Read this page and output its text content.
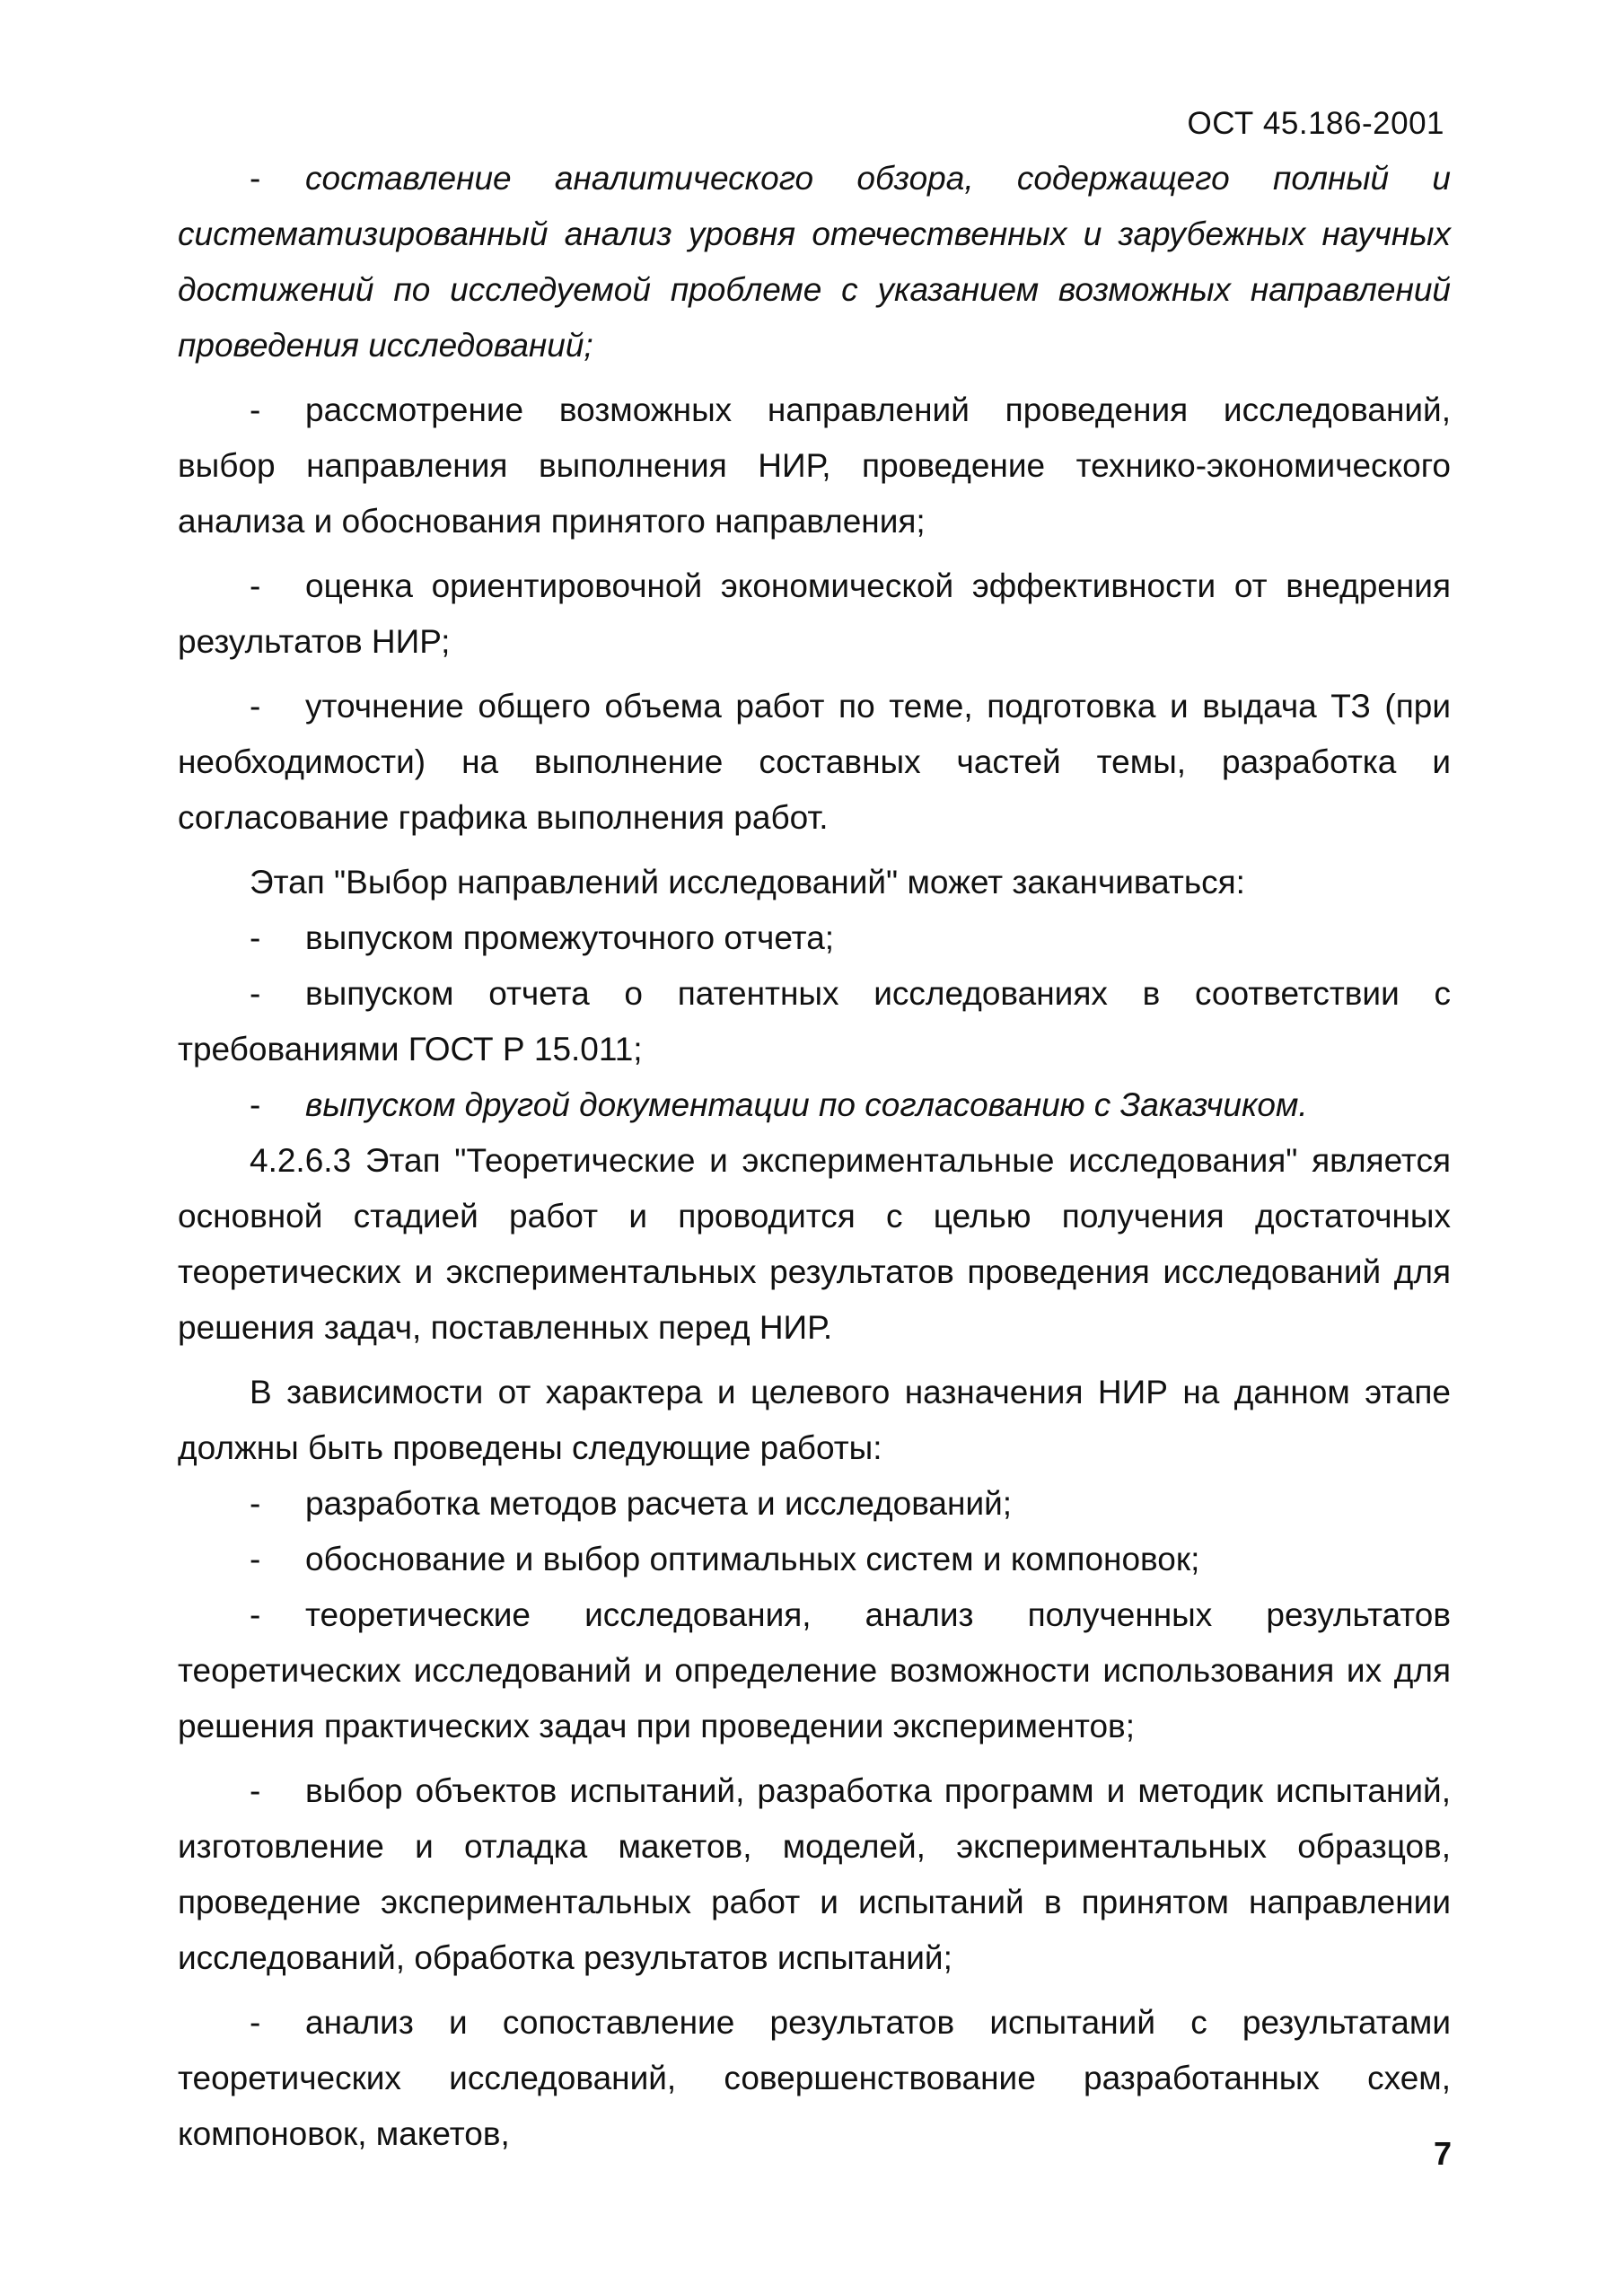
ОСТ 45.186-2001

- составление аналитического обзора, содержащего полный и систематизированный анализ уровня отечественных и зарубежных научных достижений по исследуемой проблеме с указанием возможных направлений проведения исследований;

- рассмотрение возможных направлений проведения исследований, выбор направления выполнения НИР, проведение технико-экономического анализа и обоснования принятого направления;

- оценка ориентировочной экономической эффективности от внедрения результатов НИР;

- уточнение общего объема работ по теме, подготовка и выдача ТЗ (при необходимости) на выполнение составных частей темы, разработка и согласование графика выполнения работ.

Этап "Выбор направлений исследований" может заканчиваться:

- выпуском промежуточного отчета;

- выпуском отчета о патентных исследованиях в соответствии с требованиями ГОСТ Р 15.011;

- выпуском другой документации по согласованию с Заказчиком.

4.2.6.3 Этап "Теоретические и экспериментальные исследования" является основной стадией работ и проводится с целью получения достаточных теоретических и экспериментальных результатов проведения исследований для решения задач, поставленных перед НИР.

В зависимости от характера и целевого назначения НИР на данном этапе должны быть проведены следующие работы:

- разработка методов расчета и исследований;

- обоснование и выбор оптимальных систем и компоновок;

- теоретические исследования, анализ полученных результатов теоретических исследований и определение возможности использования их для решения практических задач при проведении экспериментов;

- выбор объектов испытаний, разработка программ и методик испытаний, изготовление и отладка макетов, моделей, экспериментальных образцов, проведение экспериментальных работ и испытаний в принятом направлении исследований, обработка результатов испытаний;

- анализ и сопоставление результатов испытаний с результатами теоретических исследований, совершенствование разработанных схем, компоновок, макетов,

7
